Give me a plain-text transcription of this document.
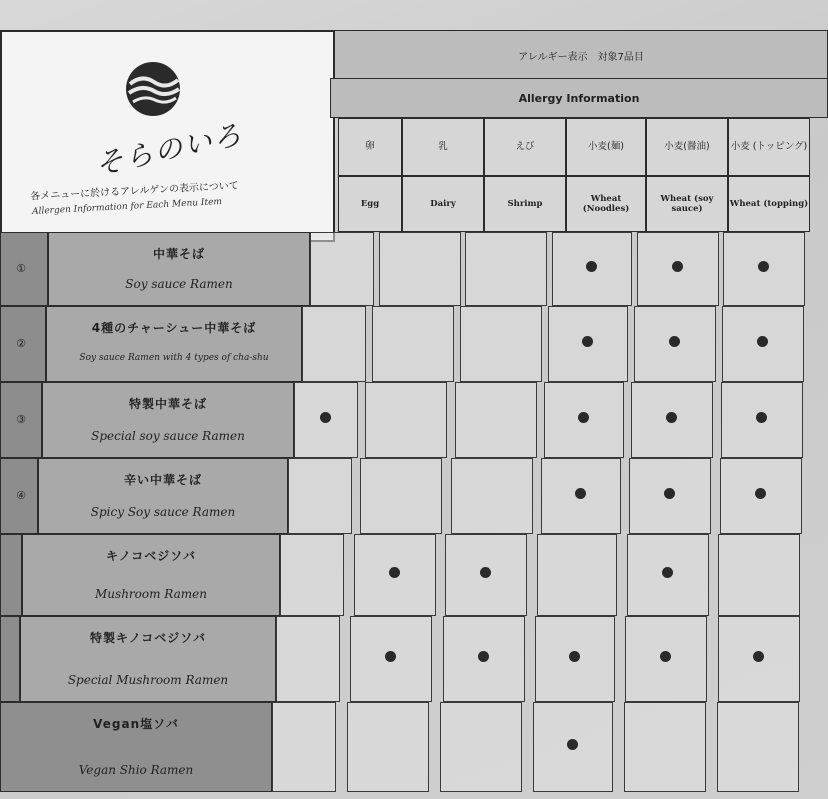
そらのいろ
各メニューに於けるアレルゲンの表示について
Allergen Information for Each Menu Item
アレルギー表示　対象7品目
Allergy Information
卵
Egg
乳
Dairy
えび
Shrimp
小麦(麺)
Wheat (Noodles)
小麦(醤油)
Wheat (soy sauce)
小麦 (トッピング)
Wheat (topping)
①
中華そば
Soy sauce Ramen
②
4種のチャーシュー中華そば
Soy sauce Ramen with 4 types of cha-shu
③
特製中華そば
Special soy sauce Ramen
④
辛い中華そば
Spicy Soy sauce Ramen
キノコベジソバ
Mushroom Ramen
特製キノコベジソバ
Special Mushroom Ramen
Vegan塩ソバ
Vegan Shio Ramen
